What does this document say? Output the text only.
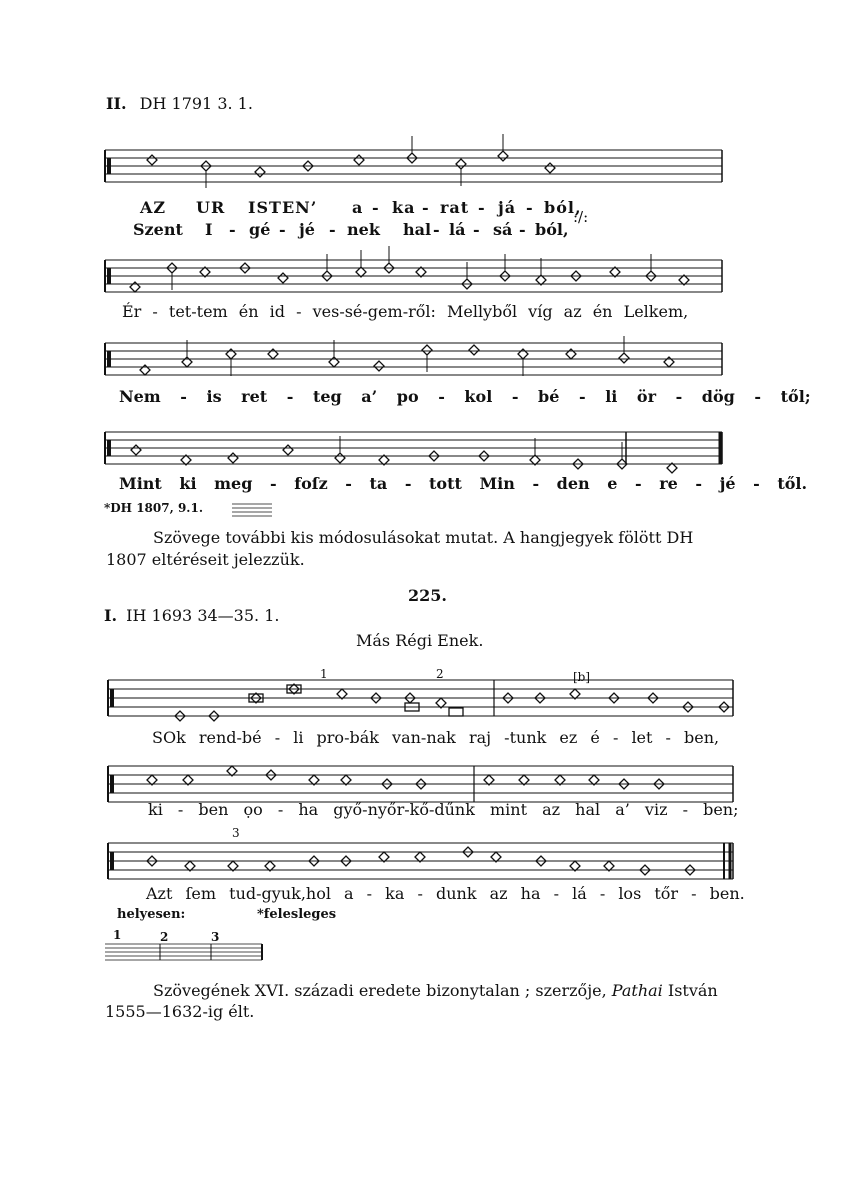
II. DH 1791 3. 1.
AZ UR ISTEN’ a - ka - rat - já - ból,
Szent I - gé - jé - nek hal - lá - sá - ból,
:/:
Ér - tet-tem én id - ves-sé-gem-ről: Mellyből víg az én Lelkem,
Nem - is ret - teg a’ po - kol - bé - li ör - dög - től;
Mint ki meg - foſz - ta - tott Min - den e - re - jé - től.
*DH 1807, 9.1.
Szövege további kis módosulásokat mutat. A hangjegyek fölött DH
1807 eltéréseit jelezzük.
225.
I. IH 1693 34—35. 1.
Más Régi Enek.
1	2	[b]
3
SOk rend-bé - li pro-bák van-nak raj -tunk ez é - let - ben,
ki - ben ọo - ha győ-nyőr-kő-dűnk mint az hal a’ viz - ben;
Azt ſem tud-gyuk,hol a - ka - dunk az ha - lá - los tőr - ben.
helyesen:	*felesleges
1	2	3
Szövegének XVI. századi eredete bizonytalan ; szerzője, Pathai István
1555—1632-ig élt.
